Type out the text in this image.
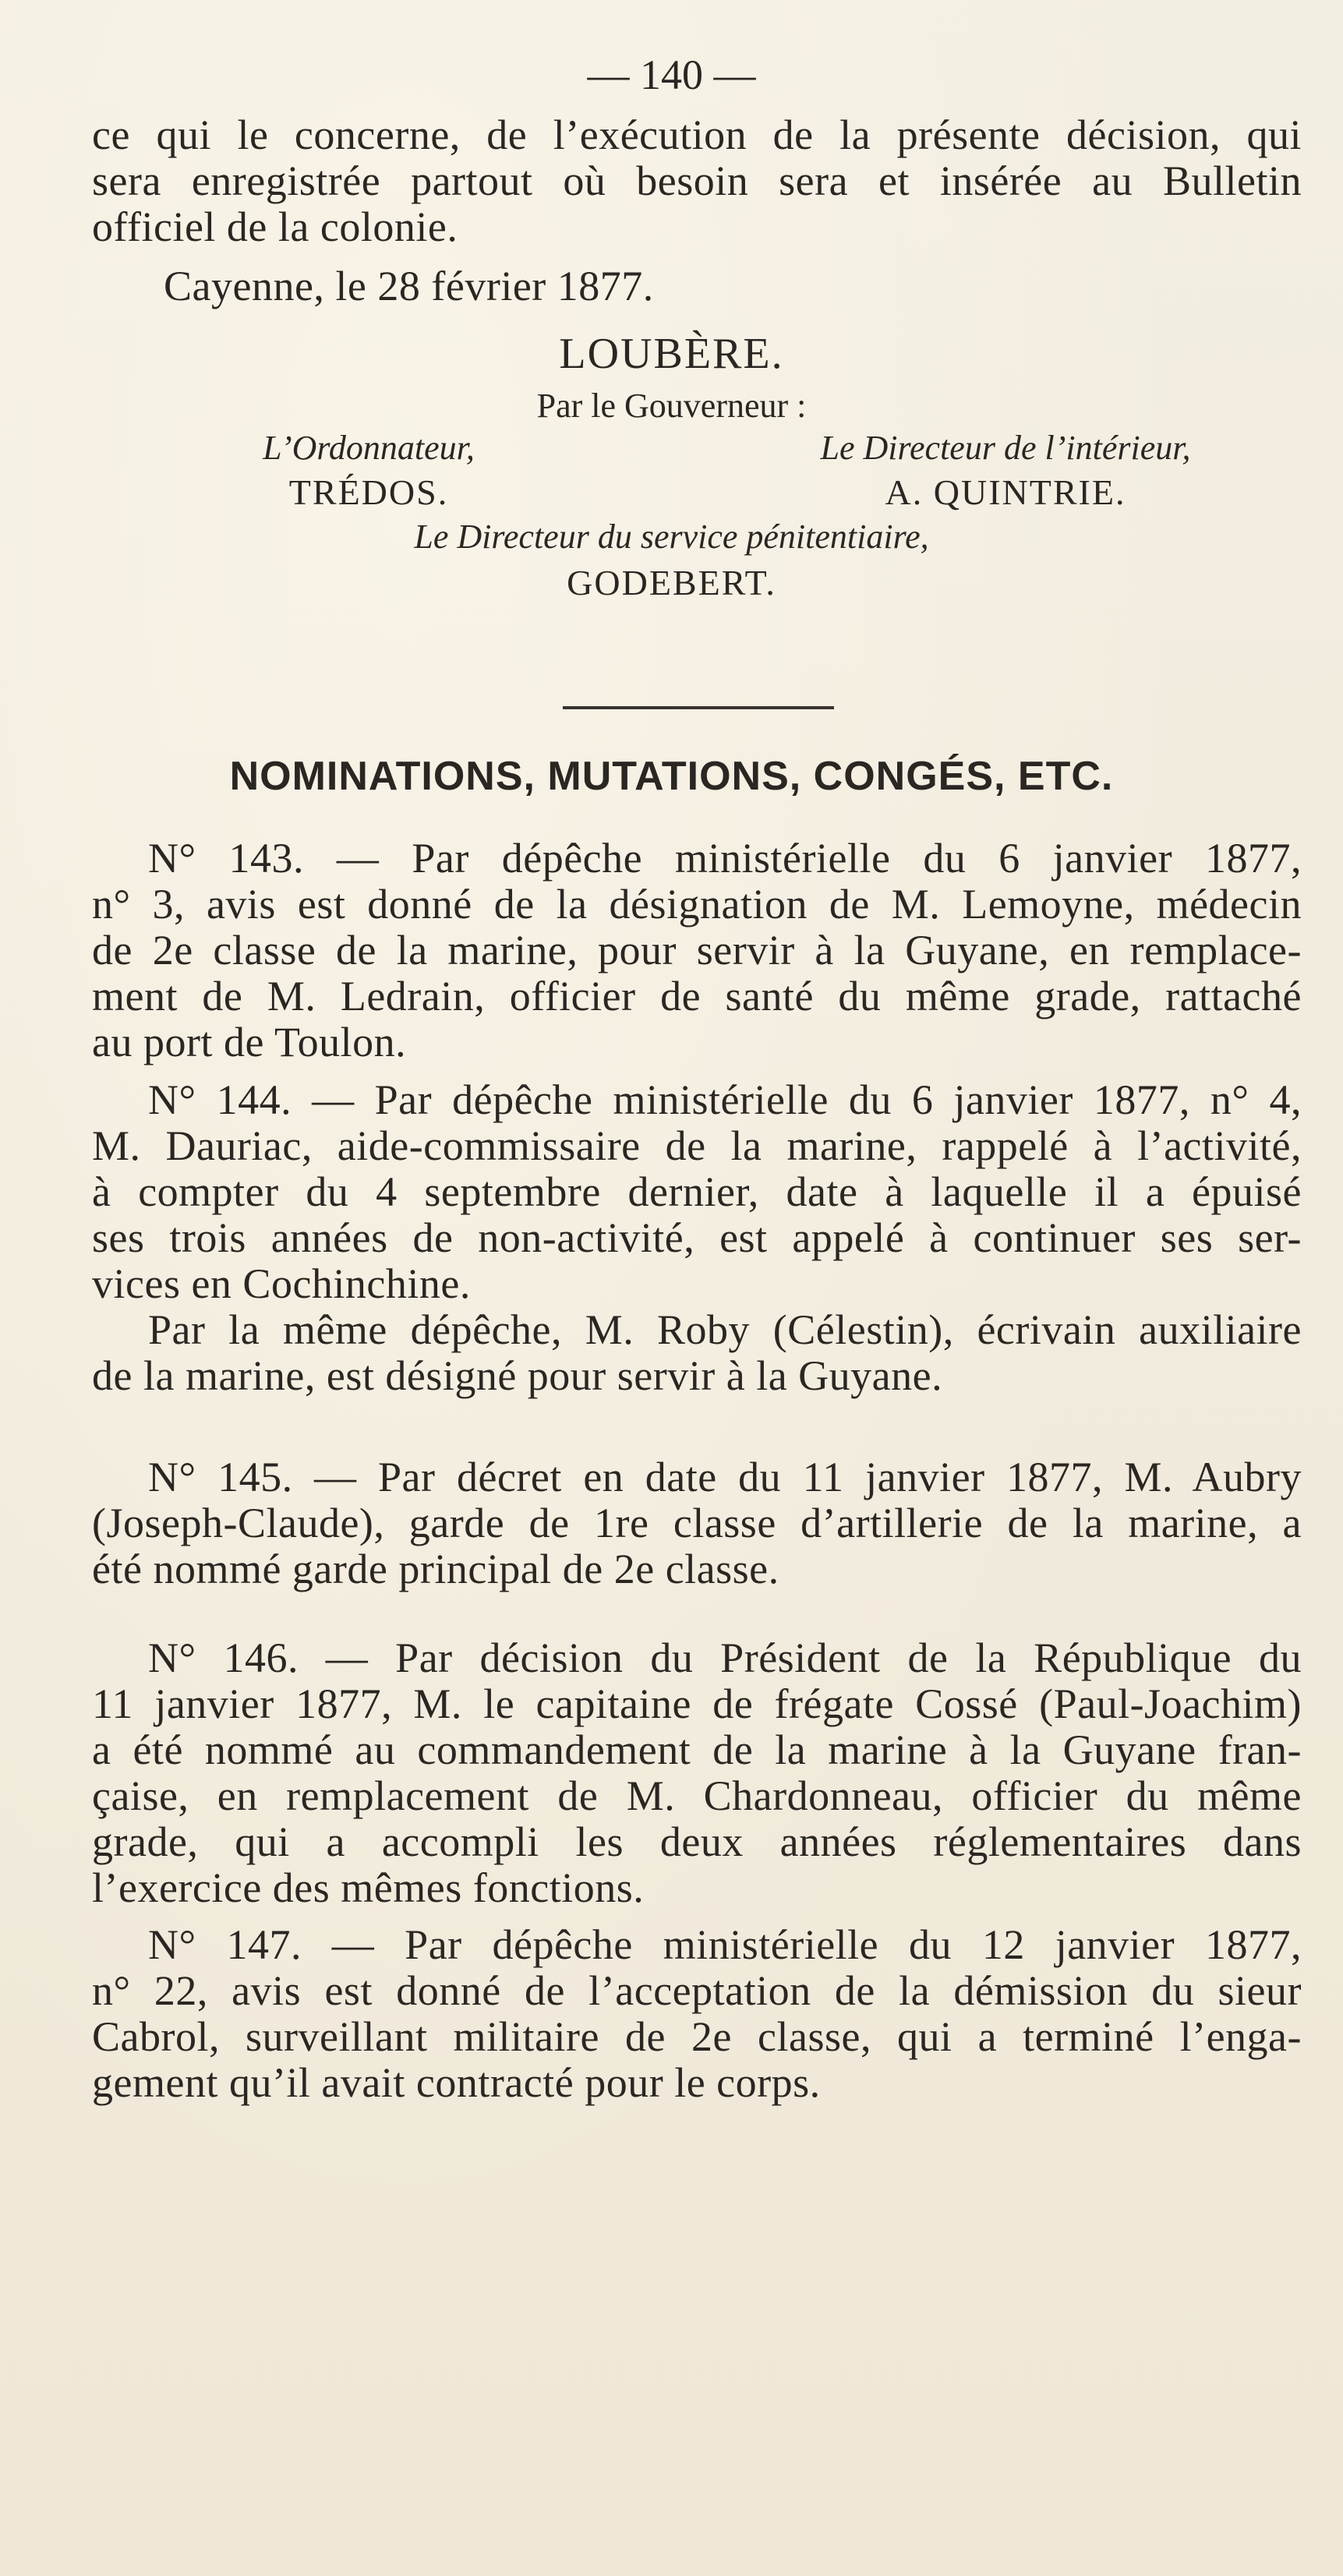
— 140 —
ce qui le concerne, de l’exécution de la présente décision, qui
sera enregistrée partout où besoin sera et insérée au Bulletin
officiel de la colonie.
Cayenne, le 28 février 1877.
LOUBÈRE.
Par le Gouverneur :
L’Ordonnateur,
TRÉDOS.
Le Directeur de l’intérieur,
A. QUINTRIE.
Le Directeur du service pénitentiaire,
GODEBERT.
NOMINATIONS, MUTATIONS, CONGÉS, ETC.
N° 143. — Par dépêche ministérielle du 6 janvier 1877,
n° 3, avis est donné de la désignation de M. Lemoyne, médecin
de 2e classe de la marine, pour servir à la Guyane, en remplace-
ment de M. Ledrain, officier de santé du même grade, rattaché
au port de Toulon.
N° 144. — Par dépêche ministérielle du 6 janvier 1877, n° 4,
M. Dauriac, aide-commissaire de la marine, rappelé à l’activité,
à compter du 4 septembre dernier, date à laquelle il a épuisé
ses trois années de non-activité, est appelé à continuer ses ser-
vices en Cochinchine.
Par la même dépêche, M. Roby (Célestin), écrivain auxiliaire
de la marine, est désigné pour servir à la Guyane.
N° 145. — Par décret en date du 11 janvier 1877, M. Aubry
(Joseph-Claude), garde de 1re classe d’artillerie de la marine, a
été nommé garde principal de 2e classe.
N° 146. — Par décision du Président de la République du
11 janvier 1877, M. le capitaine de frégate Cossé (Paul-Joachim)
a été nommé au commandement de la marine à la Guyane fran-
çaise, en remplacement de M. Chardonneau, officier du même
grade, qui a accompli les deux années réglementaires dans
l’exercice des mêmes fonctions.
N° 147. — Par dépêche ministérielle du 12 janvier 1877,
n° 22, avis est donné de l’acceptation de la démission du sieur
Cabrol, surveillant militaire de 2e classe, qui a terminé l’enga-
gement qu’il avait contracté pour le corps.
